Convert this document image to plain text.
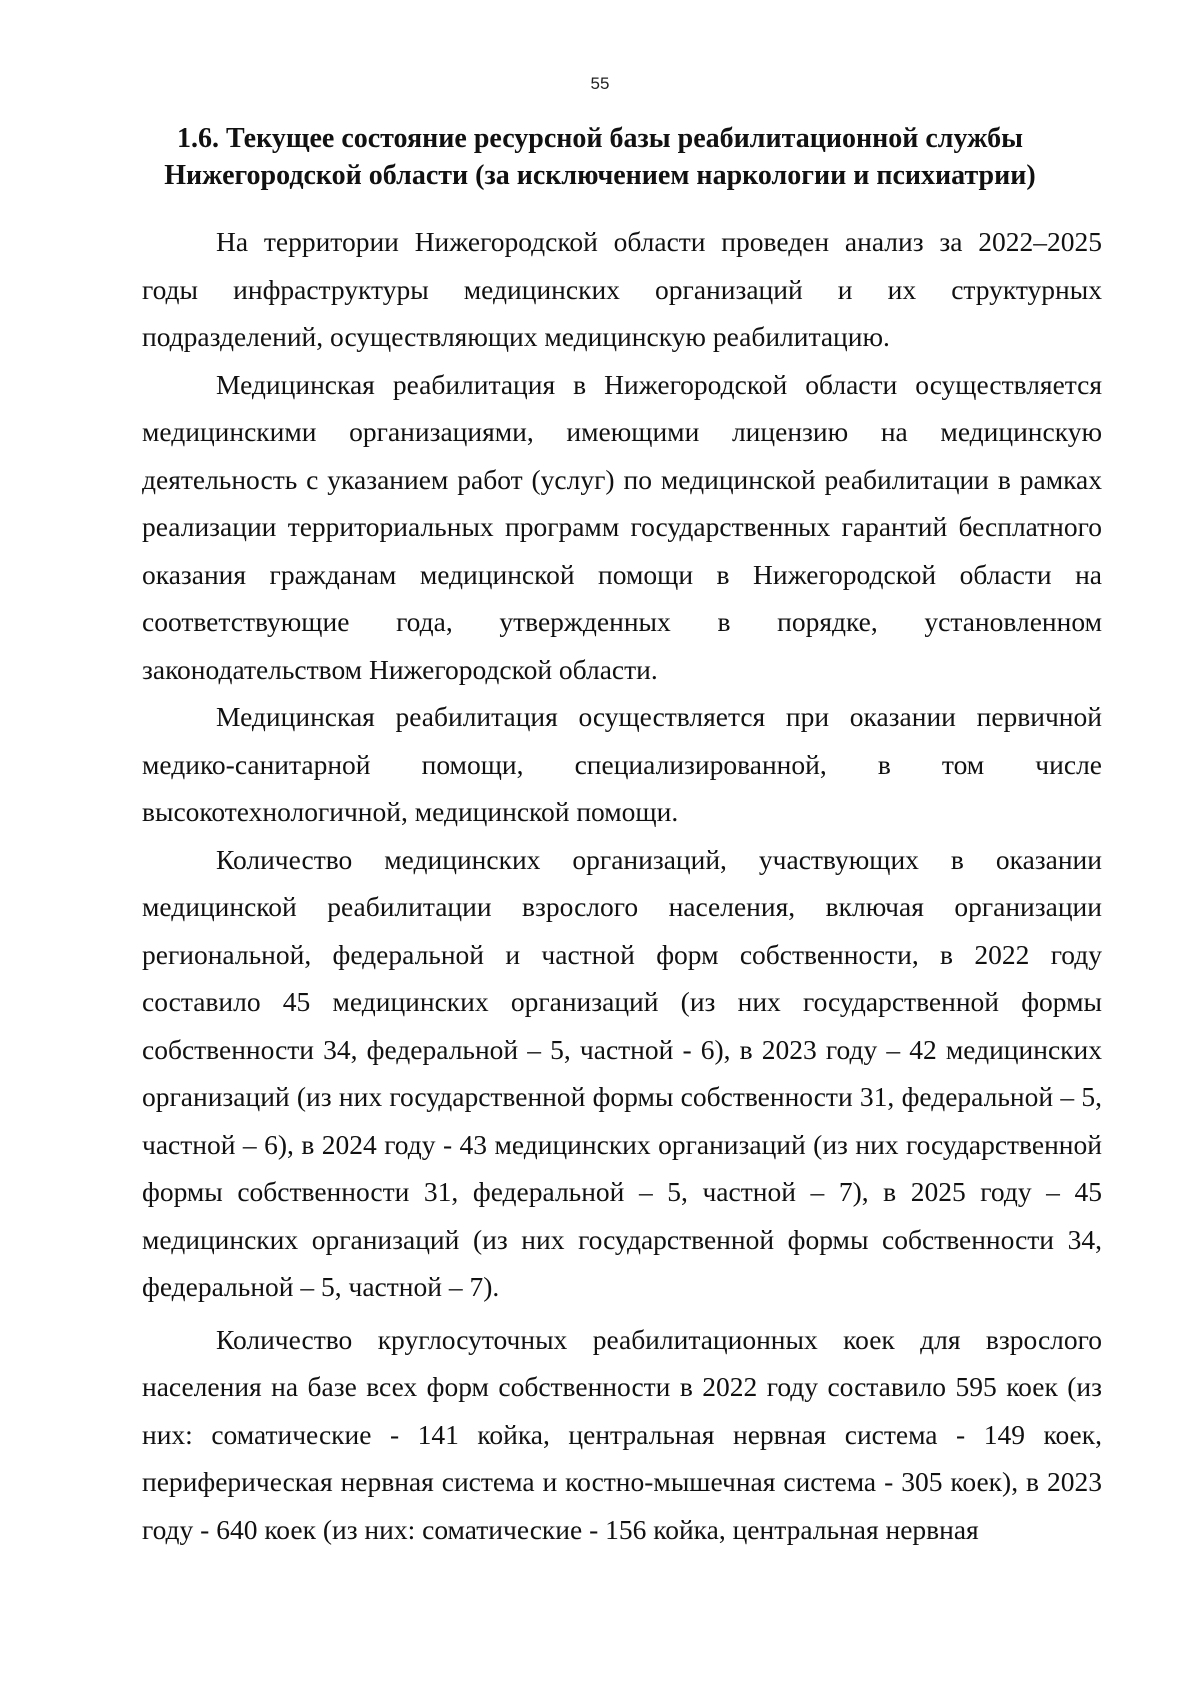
55
1.6. Текущее состояние ресурсной базы реабилитационной службы
Нижегородской области (за исключением наркологии и психиатрии)

На территории Нижегородской области проведен анализ за 2022–2025 годы инфраструктуры медицинских организаций и их структурных подразделений, осуществляющих медицинскую реабилитацию.

Медицинская реабилитация в Нижегородской области осуществляется медицинскими организациями, имеющими лицензию на медицинскую деятельность с указанием работ (услуг) по медицинской реабилитации в рамках реализации территориальных программ государственных гарантий бесплатного оказания гражданам медицинской помощи в Нижегородской области на соответствующие года, утвержденных в порядке, установленном законодательством Нижегородской области.

Медицинская реабилитация осуществляется при оказании первичной медико-санитарной помощи, специализированной, в том числе высокотехнологичной, медицинской помощи.

Количество медицинских организаций, участвующих в оказании медицинской реабилитации взрослого населения, включая организации региональной, федеральной и частной форм собственности, в 2022 году составило 45 медицинских организаций (из них государственной формы собственности 34, федеральной – 5, частной - 6), в 2023 году – 42 медицинских организаций (из них государственной формы собственности 31, федеральной – 5, частной – 6), в 2024 году - 43 медицинских организаций (из них государственной формы собственности 31, федеральной – 5, частной – 7), в 2025 году – 45 медицинских организаций (из них государственной формы собственности 34, федеральной – 5, частной – 7).

Количество круглосуточных реабилитационных коек для взрослого населения на базе всех форм собственности в 2022 году составило 595 коек (из них: соматические - 141 койка, центральная нервная система - 149 коек, периферическая нервная система и костно-мышечная система - 305 коек), в 2023 году - 640 коек (из них: соматические - 156 койка, центральная нервная
